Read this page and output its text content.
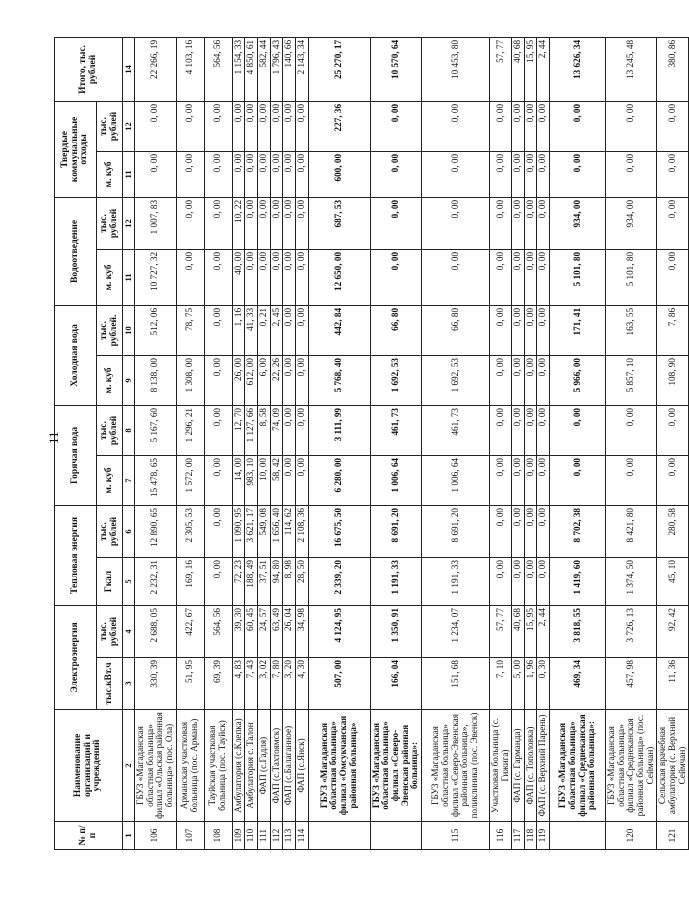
11
№ п/п	Наименование организаций и учреждений	Электроэнергия		Тепловая энергия		Горячая вода		Холодная вода		Водоотведение		Твердые коммунальные отходы		Итого, тыс. рублей
		тыс.кВт.ч	тыс. рублей	Гкал	тыс. рублей	м. куб	тыс. рублей	м. куб	тыс. рублей.	м. куб	тыс. рублей	м. куб	тыс. рублей	
1	2	3	4	5	6	7	8	9	10	11	12	11	12	14
106	ГБУЗ «Магаданская областная больница» филиал «Ольская районная больница» (пос. Ола)	330, 39	2 688, 05	2 232, 31	12 890, 65	15 478, 65	5 167, 60	8 138, 00	512, 06	10 727, 32	1 007, 83	0, 00	0, 00	22 266, 19
107	Арманская участковая больница (пос. Армань)	51, 95	422, 67	169, 16	2 305, 53	1 572, 00	1 296, 21	1 308, 00	78, 75	0, 00	0, 00	0, 00	0, 00	4 103, 16
108	Тауйская участковая больница (пос. Тауйск)	69, 39	564, 56	0, 00	0, 00	0, 00	0, 00	0, 00	0, 00	0, 00	0, 00	0, 00	0, 00	564, 56
109	Амбулатория (с.Клепка)	4, 83	39, 30	72, 23	1 090, 95	14, 00	12, 70	26, 00	1, 16	40, 00	10, 22	0, 00	0, 00	1 154, 33
110	Амбулатория с. Талон	7, 43	60, 45	188, 49	3 621, 17	983, 10	1 127, 66	612, 00	41, 33	0, 00	0, 00	0, 00	0, 00	4 850, 61
111	ФАП (с.Гадля)	3, 02	24, 57	37, 51	549, 08	10, 00	8, 58	6, 00	0, 21	0, 00	0, 00	0, 00	0, 00	582, 44
112	ФАП (с.Тахтоямск)	7, 80	63, 49	94, 80	1 656, 40	58, 42	74, 09	22, 26	2, 45	0, 00	0, 00	0, 00	0, 00	1 796, 43
113	ФАП (с.Балаганное)	3, 20	26, 04	8, 98	114, 62	0, 00	0, 00	0, 00	0, 00	0, 00	0, 00	0, 00	0, 00	140, 66
114	ФАП (с.Янск)	4, 30	34, 98	28, 50	2 108, 36	0, 00	0, 00	0, 00	0, 00	0, 00	0, 00	0, 00	0, 00	2 143, 34
	ГБУЗ «Магаданская областная больница» филиал «Омсукчанская районная больница»	507, 00	4 124, 95	2 339, 20	16 675, 50	6 280, 00	3 111, 99	5 768, 40	442, 84	12 650, 00	687, 53	600, 00	227, 36	25 270, 17
	ГБУЗ «Магаданская областная больница» филиал «Северо-Эвенская районная больница»:	166, 04	1 350, 91	1 191, 33	8 691, 20	1 006, 64	461, 73	1 692, 53	66, 80	0, 00	0, 00	0, 00	0, 00	10 570, 64
115	ГБУЗ «Магаданская областная больница» филиал «Северо-Эвенская районная больница», поликлиника (пос. Эвенск)	151, 68	1 234, 07	1 191, 33	8 691, 20	1 006, 64	461, 73	1 692, 53	66, 80	0, 00	0, 00	0, 00	0, 00	10 453, 80
116	Участковая больница (с. Гижига)	7, 10	57, 77	0, 00	0, 00	0, 00	0, 00	0, 00	0, 00	0, 00	0, 00	0, 00	0, 00	57, 77
117	ФАП (с. Гарманда)	5, 00	40, 68	0, 00	0, 00	0, 00	0, 00	0, 00	0, 00	0, 00	0, 00	0, 00	0, 00	40, 68
118	ФАП (с. Тополовка)	1, 96	15, 95	0, 00	0, 00	0, 00	0, 00	0, 00	0, 00	0, 00	0, 00	0, 00	0, 00	15, 95
119	ФАП (с. Верхний Парень)	0, 30	2, 44	0, 00	0, 00	0, 00	0, 00	0, 00	0, 00	0, 00	0, 00	0, 00	0, 00	2, 44
	ГБУЗ «Магаданская областная больница» филиал «Среднеканская районная больница»:	469, 34	3 818, 55	1 419, 60	8 702, 38	0, 00	0, 00	5 966, 00	171, 41	5 101, 80	934, 00	0, 00	0, 00	13 626, 34
120	ГБУЗ «Магаданская областная больница» филиал «Среднеканская районная больница» (пос. Сеймчан)	457, 98	3 726, 13	1 374, 50	8 421, 80	0, 00	0, 00	5 857, 10	163, 55	5 101, 80	934, 00	0, 00	0, 00	13 245, 48
121	Сельская врачебная амбулатория (с. Верхний Сеймчан)	11, 36	92, 42	45, 10	280, 58	0, 00	0, 00	108, 90	7, 86	0, 00	0, 00	0, 00	0, 00	380, 86
